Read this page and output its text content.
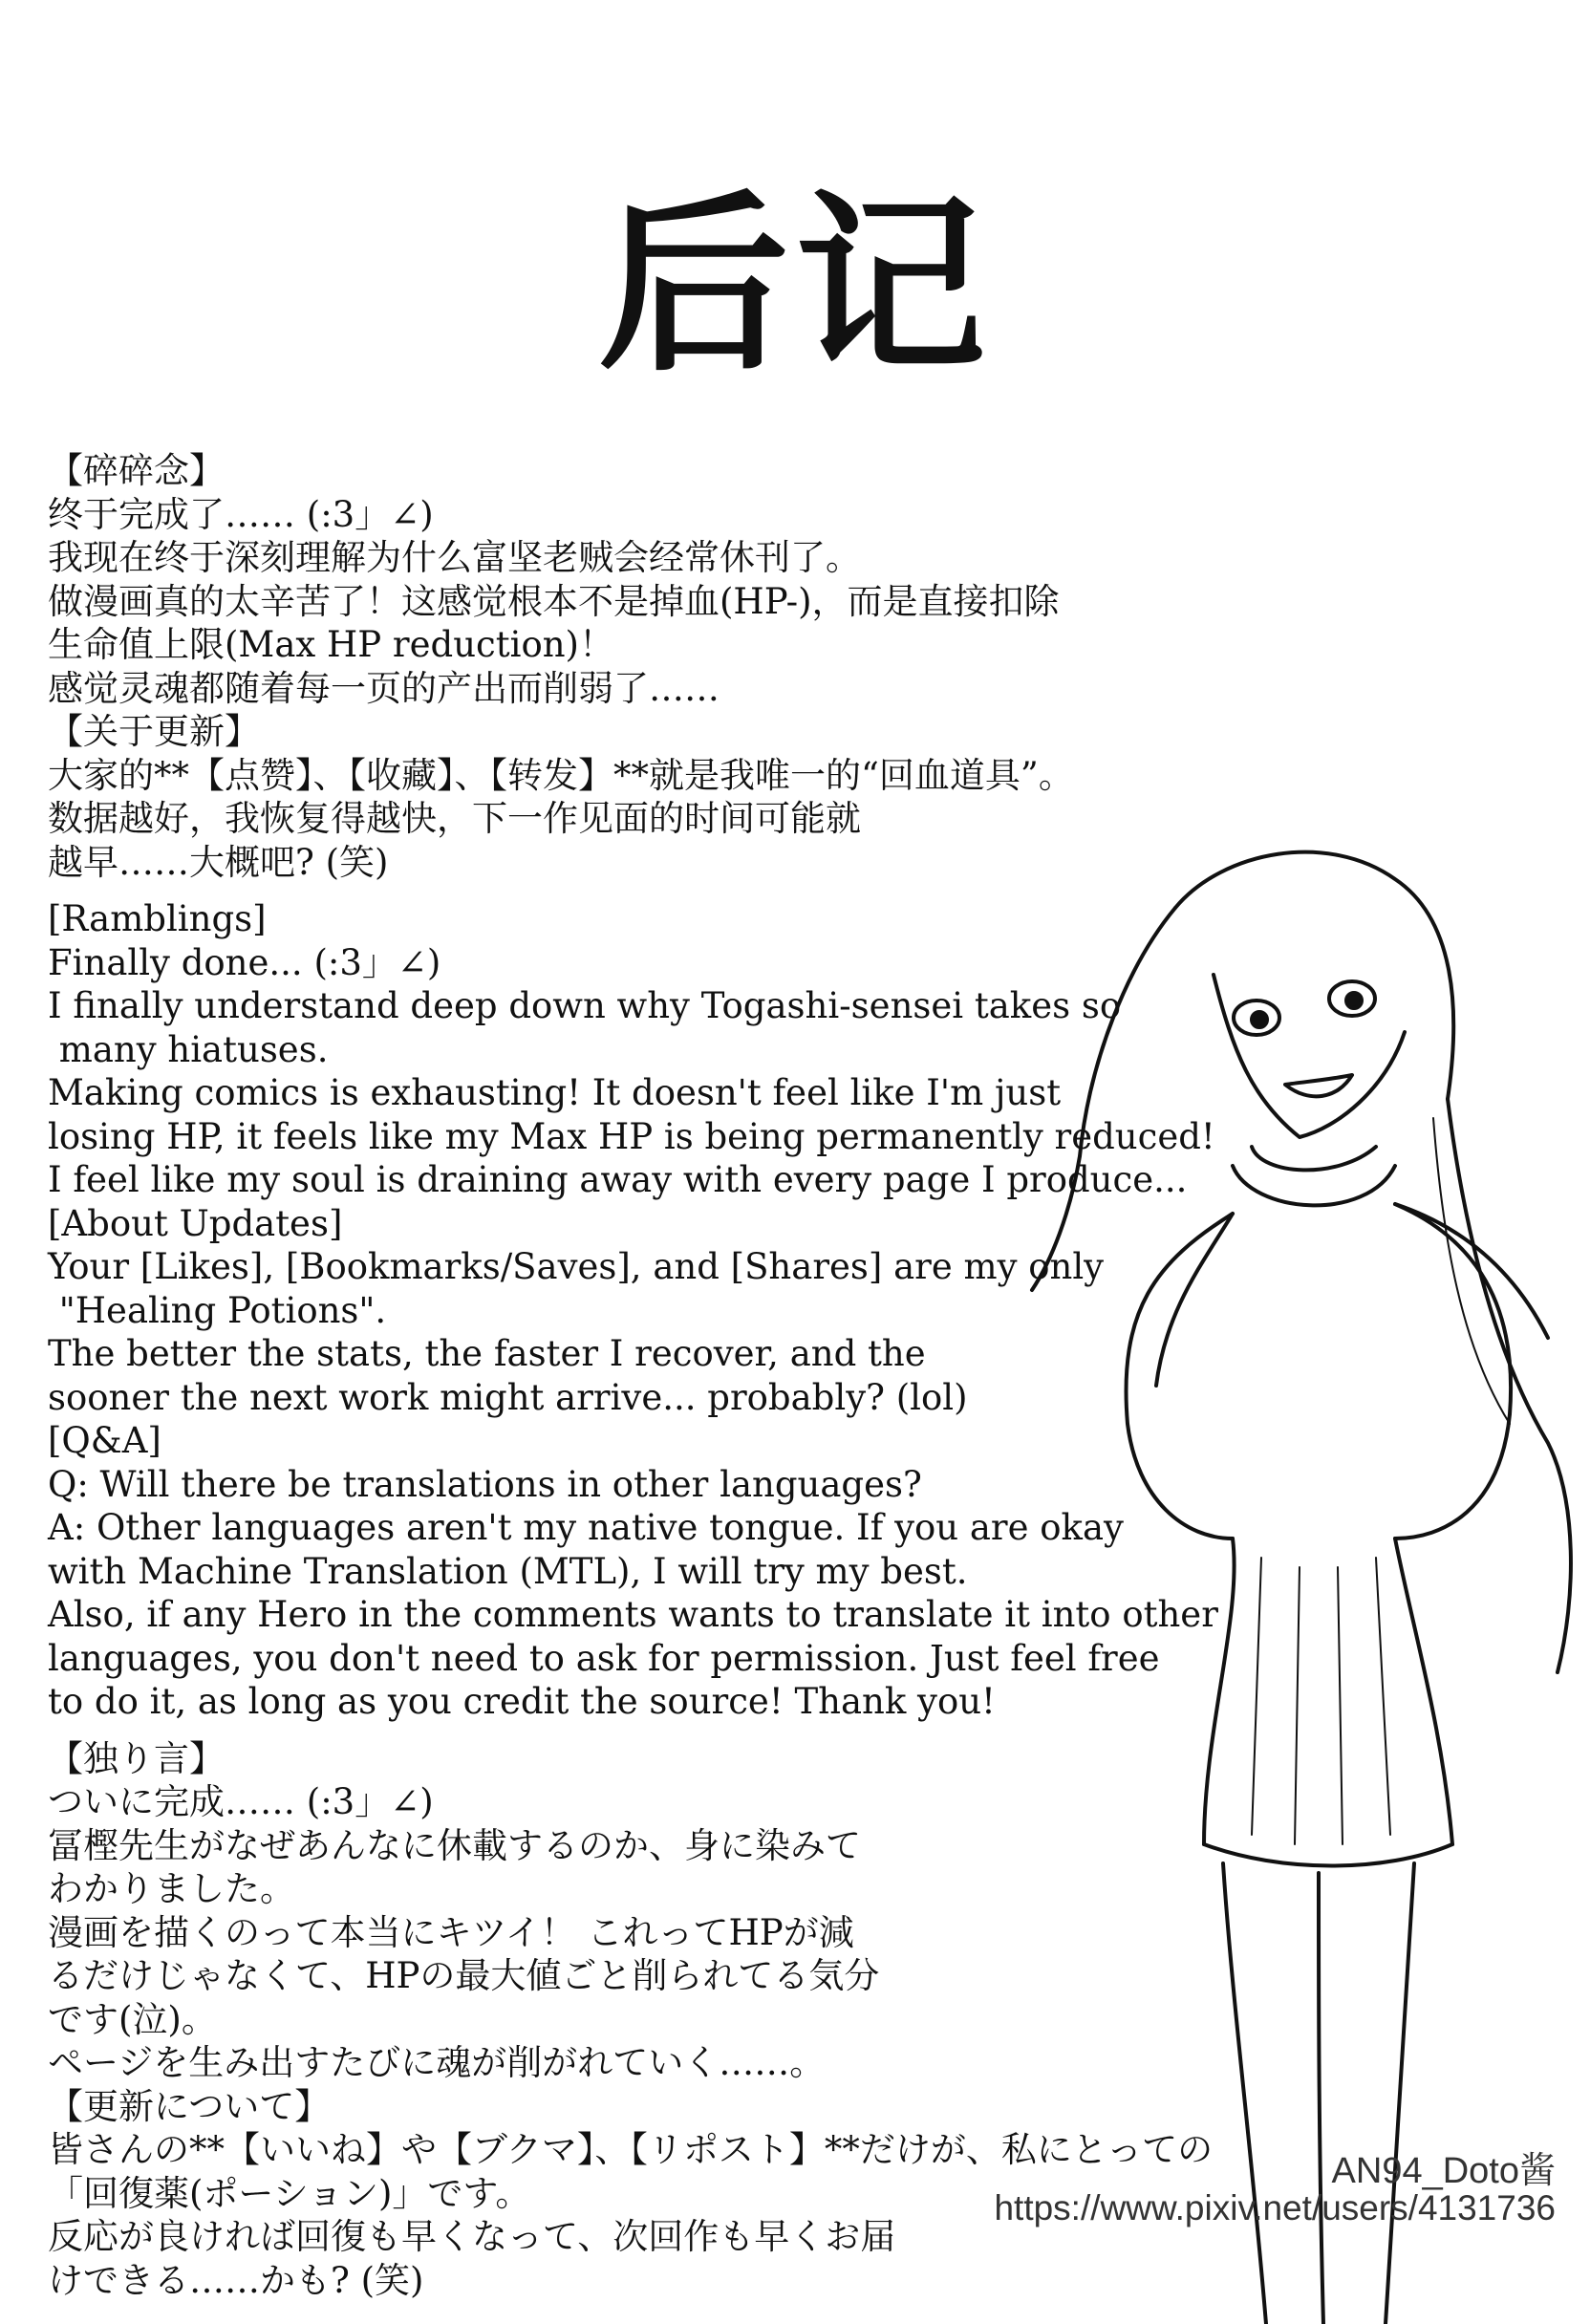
后记
【碎碎念】
终于完成了…… (:3」∠)
我现在终于深刻理解为什么富坚老贼会经常休刊了。
做漫画真的太辛苦了！这感觉根本不是掉血(HP-)，而是直接扣除
生命值上限(Max HP reduction)！
感觉灵魂都随着每一页的产出而削弱了……
【关于更新】
大家的**【点赞】、【收藏】、【转发】**就是我唯一的“回血道具”。
数据越好，我恢复得越快，下一作见面的时间可能就
越早……大概吧? (笑)
[Ramblings]
Finally done... (:3」∠)
I finally understand deep down why Togashi-sensei takes so
many hiatuses.
Making comics is exhausting! It doesn't feel like I'm just
losing HP, it feels like my Max HP is being permanently reduced!
I feel like my soul is draining away with every page I produce...
[About Updates]
Your [Likes], [Bookmarks/Saves], and [Shares] are my only
"Healing Potions".
The better the stats, the faster I recover, and the
sooner the next work might arrive... probably? (lol)
[Q&A]
Q: Will there be translations in other languages?
A: Other languages aren't my native tongue. If you are okay
with Machine Translation (MTL), I will try my best.
Also, if any Hero in the comments wants to translate it into other
languages, you don't need to ask for permission. Just feel free
to do it, as long as you credit the source! Thank you!
【独り言】
ついに完成…… (:3」∠)
冨樫先生がなぜあんなに休載するのか、身に染みて
わかりました。
漫画を描くのって本当にキツイ！ これってHPが減
るだけじゃなくて、HPの最大値ごと削られてる気分
です(泣)。
ページを生み出すたびに魂が削がれていく……。
【更新について】
皆さんの**【いいね】や【ブクマ】、【リポスト】**だけが、私にとっての
「回復薬(ポーション)」です。
反応が良ければ回復も早くなって、次回作も早くお届
けできる……かも? (笑)
AN94_Doto酱
https://www.pixiv.net/users/4131736
